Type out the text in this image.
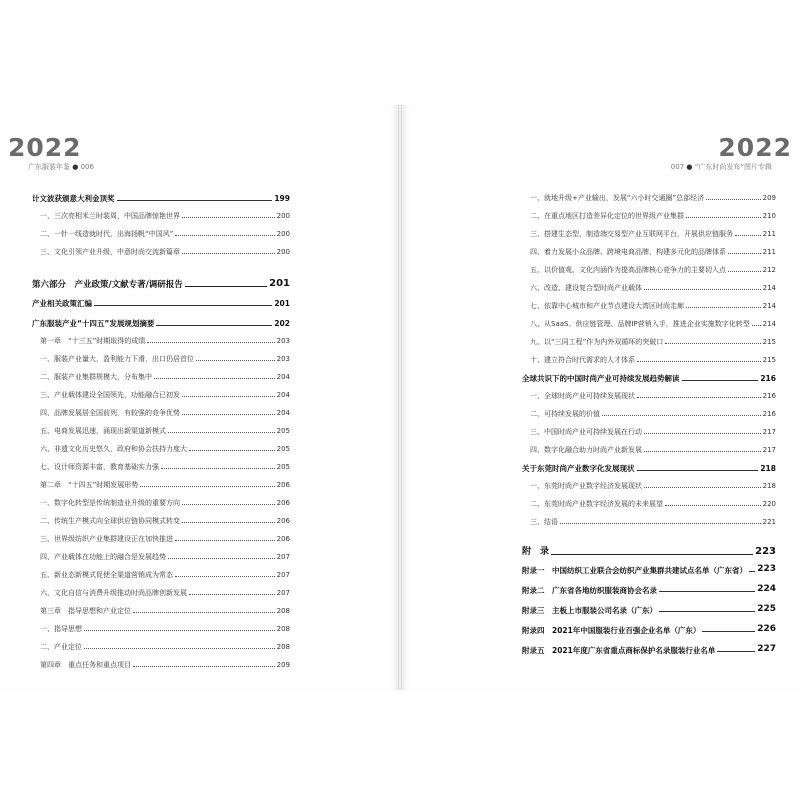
2022
广东服装年鉴 ● 006
计文波获颁意大利金顶奖	199
一、三次亮相米兰时装周，中国品牌惊艳世界	200
二、一针一线造就时代，出海扬帆“中国风”	200
三、文化引领产业升级，中意时尚交流新篇章	200
第六部分　产业政策/文献专著/调研报告	201
产业相关政策汇编	201
广东服装产业“十四五”发展规划摘要	202
第一章　“十三五”时期取得的成绩	203
一、服装产业量大，盈利能力下滑，出口仍居首位	203
二、服装产业集群规模大，分布集中	204
三、产业载体建设全国领先，功能融合已初发	204
四、品牌发展居全国前列，有较强的竞争优势	204
五、电商发展迅速，涌现出新渠道新模式	205
六、非遗文化历史悠久，政府和协会扶持力度大	205
七、设计师资源丰富，教育基础实力强	205
第二章　“十四五”时期发展形势	206
一、数字化转型是传统制造业升级的重要方向	206
二、传统生产模式向全球供应链协同模式转变	206
三、世界级纺织产业集群建设正在加快推进	206
四、产业载体在功能上的融合是发展趋势	207
五、新业态新模式促使全渠道营销成为常态	207
六、文化自信与消费升级推动时尚品牌创新发展	207
第三章　指导思想和产业定位	208
一、指导思想	208
二、产业定位	208
第四章　重点任务和重点项目	209
2022
007 ● “广东时尚发布”图片专辑
一、就地升级+产业输出，发展“六小时交通圈”总部经济	209
二、在重点地区打造差异化定位的世界级产业集群	210
三、搭建生态型、制造端交易型产业互联网平台，开展供应链服务	211
四、着力发展小众品牌、跨境电商品牌，构建多元化的品牌体系	211
五、以价值观、文化内涵作为提高品牌核心竞争力的主要切入点	212
六、改造、建设复合型时尚产业载体	214
七、依靠中心城市和产业节点建设大湾区时尚走廊	214
八、从SaaS、供应链管理、品牌IP营销入手，推进企业实施数字化转型 214
九、以“三同工程”作为内外双循环的突破口	215
十、建立符合时代需求的人才体系	215
全球共识下的中国时尚产业可持续发展趋势解读	216
一、全球时尚产业可持续发展现状	216
二、可持续发展的价值	216
三、中国时尚产业可持续发展在行动	217
四、数字化融合助力时尚产业新发展	217
关于东莞时尚产业数字化发展现状	218
一、东莞时尚产业数字经济发展现状	218
二、东莞时尚产业数字经济发展的未来展望	220
三、结语	221
附　录	223
附录一　中国纺织工业联合会纺织产业集群共建试点名单（广东省） 223
附录二　广东省各地纺织服装商协会名录	224
附录三　主板上市服装公司名录（广东）	225
附录四　2021年中国服装行业百强企业名单（广东）	226
附录五　2021年度广东省重点商标保护名录服装行业名单	227
